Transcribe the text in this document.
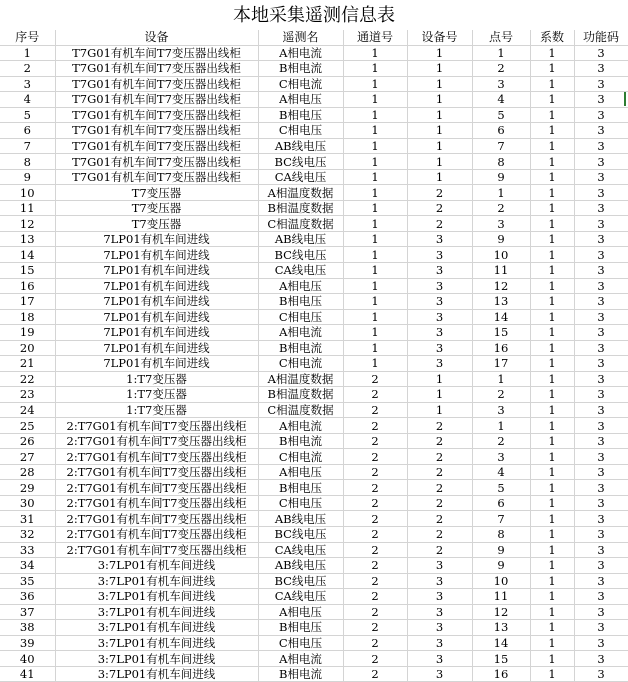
本地采集遥测信息表
序号	设备	遥测名	通道号	设备号	点号	系数	功能码
1	T7G01有机车间T7变压器出线柜	A相电流	1	1	1	1	3
2	T7G01有机车间T7变压器出线柜	B相电流	1	1	2	1	3
3	T7G01有机车间T7变压器出线柜	C相电流	1	1	3	1	3
4	T7G01有机车间T7变压器出线柜	A相电压	1	1	4	1	3
5	T7G01有机车间T7变压器出线柜	B相电压	1	1	5	1	3
6	T7G01有机车间T7变压器出线柜	C相电压	1	1	6	1	3
7	T7G01有机车间T7变压器出线柜	AB线电压	1	1	7	1	3
8	T7G01有机车间T7变压器出线柜	BC线电压	1	1	8	1	3
9	T7G01有机车间T7变压器出线柜	CA线电压	1	1	9	1	3
10	T7变压器	A相温度数据	1	2	1	1	3
11	T7变压器	B相温度数据	1	2	2	1	3
12	T7变压器	C相温度数据	1	2	3	1	3
13	7LP01有机车间进线	AB线电压	1	3	9	1	3
14	7LP01有机车间进线	BC线电压	1	3	10	1	3
15	7LP01有机车间进线	CA线电压	1	3	11	1	3
16	7LP01有机车间进线	A相电压	1	3	12	1	3
17	7LP01有机车间进线	B相电压	1	3	13	1	3
18	7LP01有机车间进线	C相电压	1	3	14	1	3
19	7LP01有机车间进线	A相电流	1	3	15	1	3
20	7LP01有机车间进线	B相电流	1	3	16	1	3
21	7LP01有机车间进线	C相电流	1	3	17	1	3
22	1:T7变压器	A相温度数据	2	1	1	1	3
23	1:T7变压器	B相温度数据	2	1	2	1	3
24	1:T7变压器	C相温度数据	2	1	3	1	3
25	2:T7G01有机车间T7变压器出线柜	A相电流	2	2	1	1	3
26	2:T7G01有机车间T7变压器出线柜	B相电流	2	2	2	1	3
27	2:T7G01有机车间T7变压器出线柜	C相电流	2	2	3	1	3
28	2:T7G01有机车间T7变压器出线柜	A相电压	2	2	4	1	3
29	2:T7G01有机车间T7变压器出线柜	B相电压	2	2	5	1	3
30	2:T7G01有机车间T7变压器出线柜	C相电压	2	2	6	1	3
31	2:T7G01有机车间T7变压器出线柜	AB线电压	2	2	7	1	3
32	2:T7G01有机车间T7变压器出线柜	BC线电压	2	2	8	1	3
33	2:T7G01有机车间T7变压器出线柜	CA线电压	2	2	9	1	3
34	3:7LP01有机车间进线	AB线电压	2	3	9	1	3
35	3:7LP01有机车间进线	BC线电压	2	3	10	1	3
36	3:7LP01有机车间进线	CA线电压	2	3	11	1	3
37	3:7LP01有机车间进线	A相电压	2	3	12	1	3
38	3:7LP01有机车间进线	B相电压	2	3	13	1	3
39	3:7LP01有机车间进线	C相电压	2	3	14	1	3
40	3:7LP01有机车间进线	A相电流	2	3	15	1	3
41	3:7LP01有机车间进线	B相电流	2	3	16	1	3
